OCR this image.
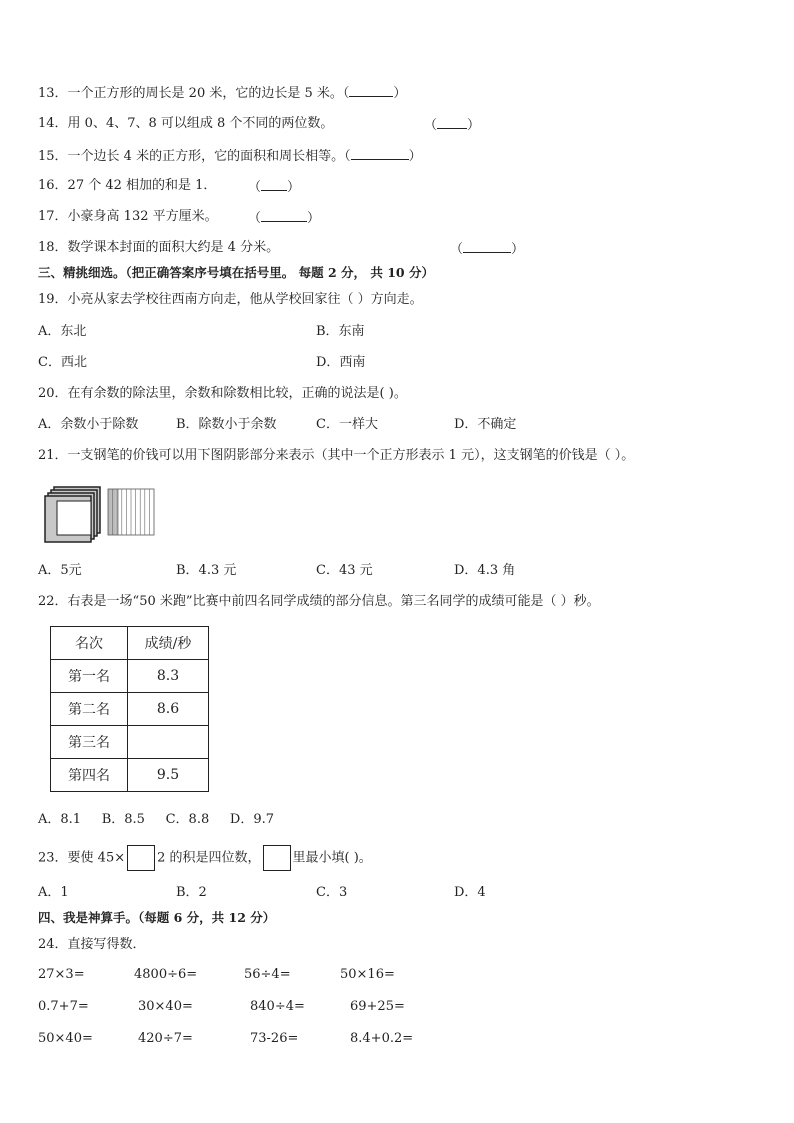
13．一个正方形的周长是 20 米，它的边长是 5 米。（	）
14．用 0、4、7、8 可以组成 8 个不同的两位数。	（ ）
15．一个边长 4 米的正方形，它的面积和周长相等。（	）
16．27 个 42 相加的和是 1． （ ）
17．小豪身高 132 平方厘米。 （	）
18．数学课本封面的面积大约是 4 分米。	（	）
三、精挑细选。（把正确答案序号填在括号里。 每题 2 分， 共 10 分）
19．小亮从家去学校往西南方向走，他从学校回家往（ ）方向走。
A．东北	B．东南
C．西北	D．西南
20．在有余数的除法里，余数和除数相比较，正确的说法是( )。
A．余数小于除数	B．除数小于余数	C．一样大	D．不确定
21．一支钢笔的价钱可以用下图阴影部分来表示（其中一个正方形表示 1 元），这支钢笔的价钱是（ ）。
A．5元	B．4.3 元	C．43 元	D．4.3 角
22．右表是一场“50 米跑”比赛中前四名同学成绩的部分信息。第三名同学的成绩可能是（ ）秒。
名次	成绩/秒
第一名	8.3
第二名	8.6
第三名	
第四名	9.5
A．8.1     B．8.5     C．8.8     D．9.7
23．要使 45× 2 的积是四位数， 里最小填( )。
A．1	B．2	C．3	D．4
四、我是神算手。（每题 6 分，共 12 分）
24．直接写得数．
27×3=	4800÷6=	56÷4=	50×16=
0.7+7=	30×40=	840÷4=	69+25=
50×40=	420÷7=	73-26=	8.4+0.2=
